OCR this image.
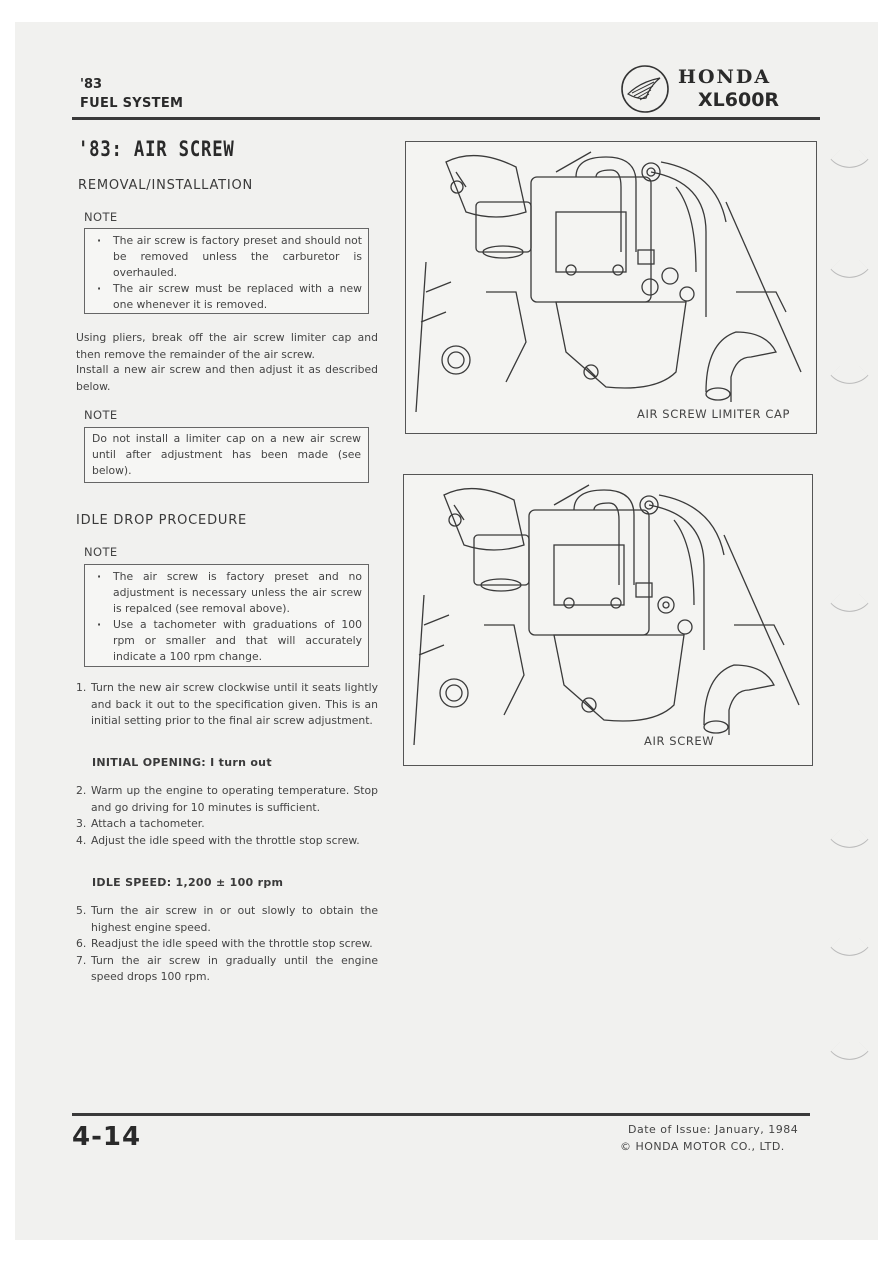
'83
FUEL SYSTEM
HONDA
XL600R
'83: AIR SCREW
REMOVAL/INSTALLATION
NOTE
· The air screw is factory preset and should not be removed unless the carburetor is overhauled.
· The air screw must be replaced with a new one whenever it is removed.
Using pliers, break off the air screw limiter cap and then remove the remainder of the air screw.
Install a new air screw and then adjust it as described below.
NOTE
Do not install a limiter cap on a new air screw until after adjustment has been made (see below).
IDLE DROP PROCEDURE
NOTE
· The air screw is factory preset and no adjustment is necessary unless the air screw is repalced (see removal above).
· Use a tachometer with graduations of 100 rpm or smaller and that will accurately indicate a 100 rpm change.
1. Turn the new air screw clockwise until it seats lightly and back it out to the specification given. This is an initial setting prior to the final air screw adjustment.
INITIAL OPENING: I turn out
2. Warm up the engine to operating temperature. Stop and go driving for 10 minutes is sufficient.
3. Attach a tachometer.
4. Adjust the idle speed with the throttle stop screw.
IDLE SPEED: 1,200 ± 100 rpm
5. Turn the air screw in or out slowly to obtain the highest engine speed.
6. Readjust the idle speed with the throttle stop screw.
7. Turn the air screw in gradually until the engine speed drops 100 rpm.
AIR SCREW LIMITER CAP
AIR SCREW
4-14	Date of Issue: January, 1984
© HONDA MOTOR CO., LTD.
